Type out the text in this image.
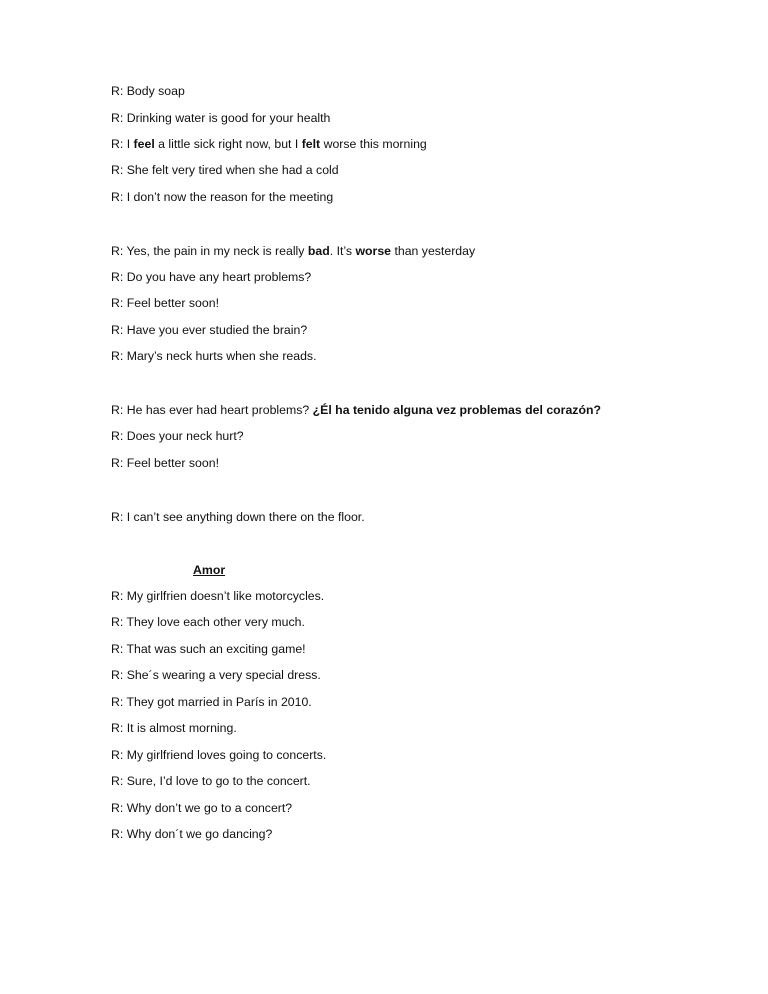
R: Body soap
R: Drinking water is good for your health
R: I feel a little sick right now, but I felt worse this morning
R: She felt very tired when she had a cold
R: I don’t now the reason for the meeting
R: Yes, the pain in my neck is really bad. It’s worse than yesterday
R: Do you have any heart problems?
R: Feel better soon!
R: Have you ever studied the brain?
R: Mary’s neck hurts when she reads.
R: He has ever had heart problems? ¿Él ha tenido alguna vez problemas del corazón?
R: Does your neck hurt?
R: Feel better soon!
R: I can’t see anything down there on the floor.
Amor
R: My girlfrien doesn’t like motorcycles.
R: They love each other very much.
R: That was such an exciting game!
R: She´s wearing a very special dress.
R: They got married in París in 2010.
R: It is almost morning.
R: My girlfriend loves going to concerts.
R: Sure, I’d love to go to the concert.
R: Why don’t we go to a concert?
R: Why don´t we go dancing?
